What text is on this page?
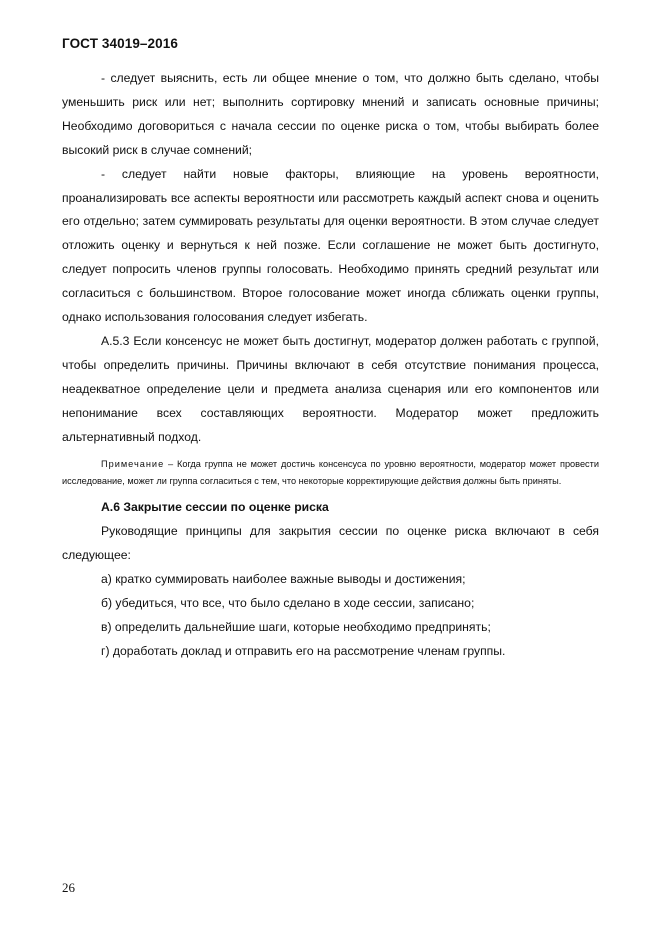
ГОСТ 34019–2016

- следует выяснить, есть ли общее мнение о том, что должно быть сделано, чтобы уменьшить риск или нет; выполнить сортировку мнений и записать основные причины; Необходимо договориться с начала сессии по оценке риска о том, чтобы выбирать более высокий риск в случае сомнений;

- следует найти новые факторы, влияющие на уровень вероятности, проанализировать все аспекты вероятности или рассмотреть каждый аспект снова и оценить его отдельно; затем суммировать результаты для оценки вероятности. В этом случае следует отложить оценку и вернуться к ней позже. Если соглашение не может быть достигнуто, следует попросить членов группы голосовать. Необходимо принять средний результат или согласиться с большинством. Второе голосование может иногда сближать оценки группы, однако использования голосования следует избегать.

А.5.3 Если консенсус не может быть достигнут, модератор должен работать с группой, чтобы определить причины. Причины включают в себя отсутствие понимания процесса, неадекватное определение цели и предмета анализа сценария или его компонентов или непонимание всех составляющих вероятности. Модератор может предложить альтернативный подход.

Примечание – Когда группа не может достичь консенсуса по уровню вероятности, модератор может провести исследование, может ли группа согласиться с тем, что некоторые корректирующие действия должны быть приняты.

А.6 Закрытие сессии по оценке риска

Руководящие принципы для закрытия сессии по оценке риска включают в себя следующее:

а) кратко суммировать наиболее важные выводы и достижения;
б) убедиться, что все, что было сделано в ходе сессии, записано;
в) определить дальнейшие шаги, которые необходимо предпринять;
г) доработать доклад и отправить его на рассмотрение членам группы.
26
